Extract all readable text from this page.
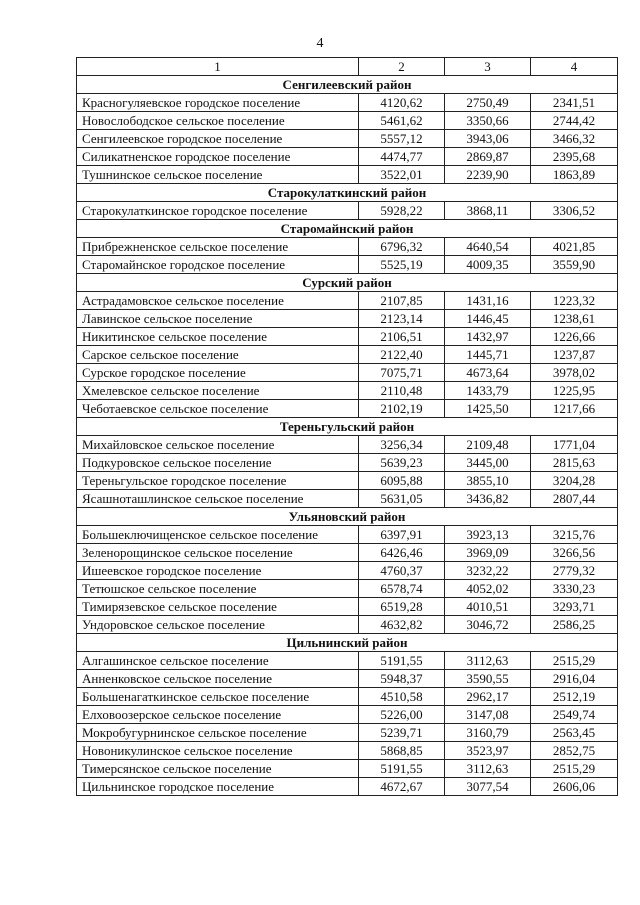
4
1	2	3	4
Сенгилеевский район			
Красногуляевское городское поселение	4120,62	2750,49	2341,51
Новослободское сельское поселение	5461,62	3350,66	2744,42
Сенгилеевское городское поселение	5557,12	3943,06	3466,32
Силикатненское городское поселение	4474,77	2869,87	2395,68
Тушнинское сельское поселение	3522,01	2239,90	1863,89
Старокулаткинский район			
Старокулаткинское городское поселение	5928,22	3868,11	3306,52
Старомайнский район			
Прибрежненское сельское поселение	6796,32	4640,54	4021,85
Старомайнское городское поселение	5525,19	4009,35	3559,90
Сурский район			
Астрадамовское сельское поселение	2107,85	1431,16	1223,32
Лавинское сельское поселение	2123,14	1446,45	1238,61
Никитинское сельское поселение	2106,51	1432,97	1226,66
Сарское сельское поселение	2122,40	1445,71	1237,87
Сурское городское поселение	7075,71	4673,64	3978,02
Хмелевское сельское поселение	2110,48	1433,79	1225,95
Чеботаевское сельское поселение	2102,19	1425,50	1217,66
Тереньгульский район			
Михайловское сельское поселение	3256,34	2109,48	1771,04
Подкуровское сельское поселение	5639,23	3445,00	2815,63
Тереньгульское городское поселение	6095,88	3855,10	3204,28
Ясашноташлинское сельское поселение	5631,05	3436,82	2807,44
Ульяновский район			
Большеключищенское сельское поселение	6397,91	3923,13	3215,76
Зеленорощинское сельское поселение	6426,46	3969,09	3266,56
Ишеевское городское поселение	4760,37	3232,22	2779,32
Тетюшское сельское поселение	6578,74	4052,02	3330,23
Тимирязевское сельское поселение	6519,28	4010,51	3293,71
Ундоровское сельское поселение	4632,82	3046,72	2586,25
Цильнинский район			
Алгашинское сельское поселение	5191,55	3112,63	2515,29
Анненковское сельское поселение	5948,37	3590,55	2916,04
Большенагаткинское сельское поселение	4510,58	2962,17	2512,19
Елховоозерское сельское поселение	5226,00	3147,08	2549,74
Мокробугурнинское сельское поселение	5239,71	3160,79	2563,45
Новоникулинское сельское поселение	5868,85	3523,97	2852,75
Тимерсянское сельское поселение	5191,55	3112,63	2515,29
Цильнинское городское поселение	4672,67	3077,54	2606,06
